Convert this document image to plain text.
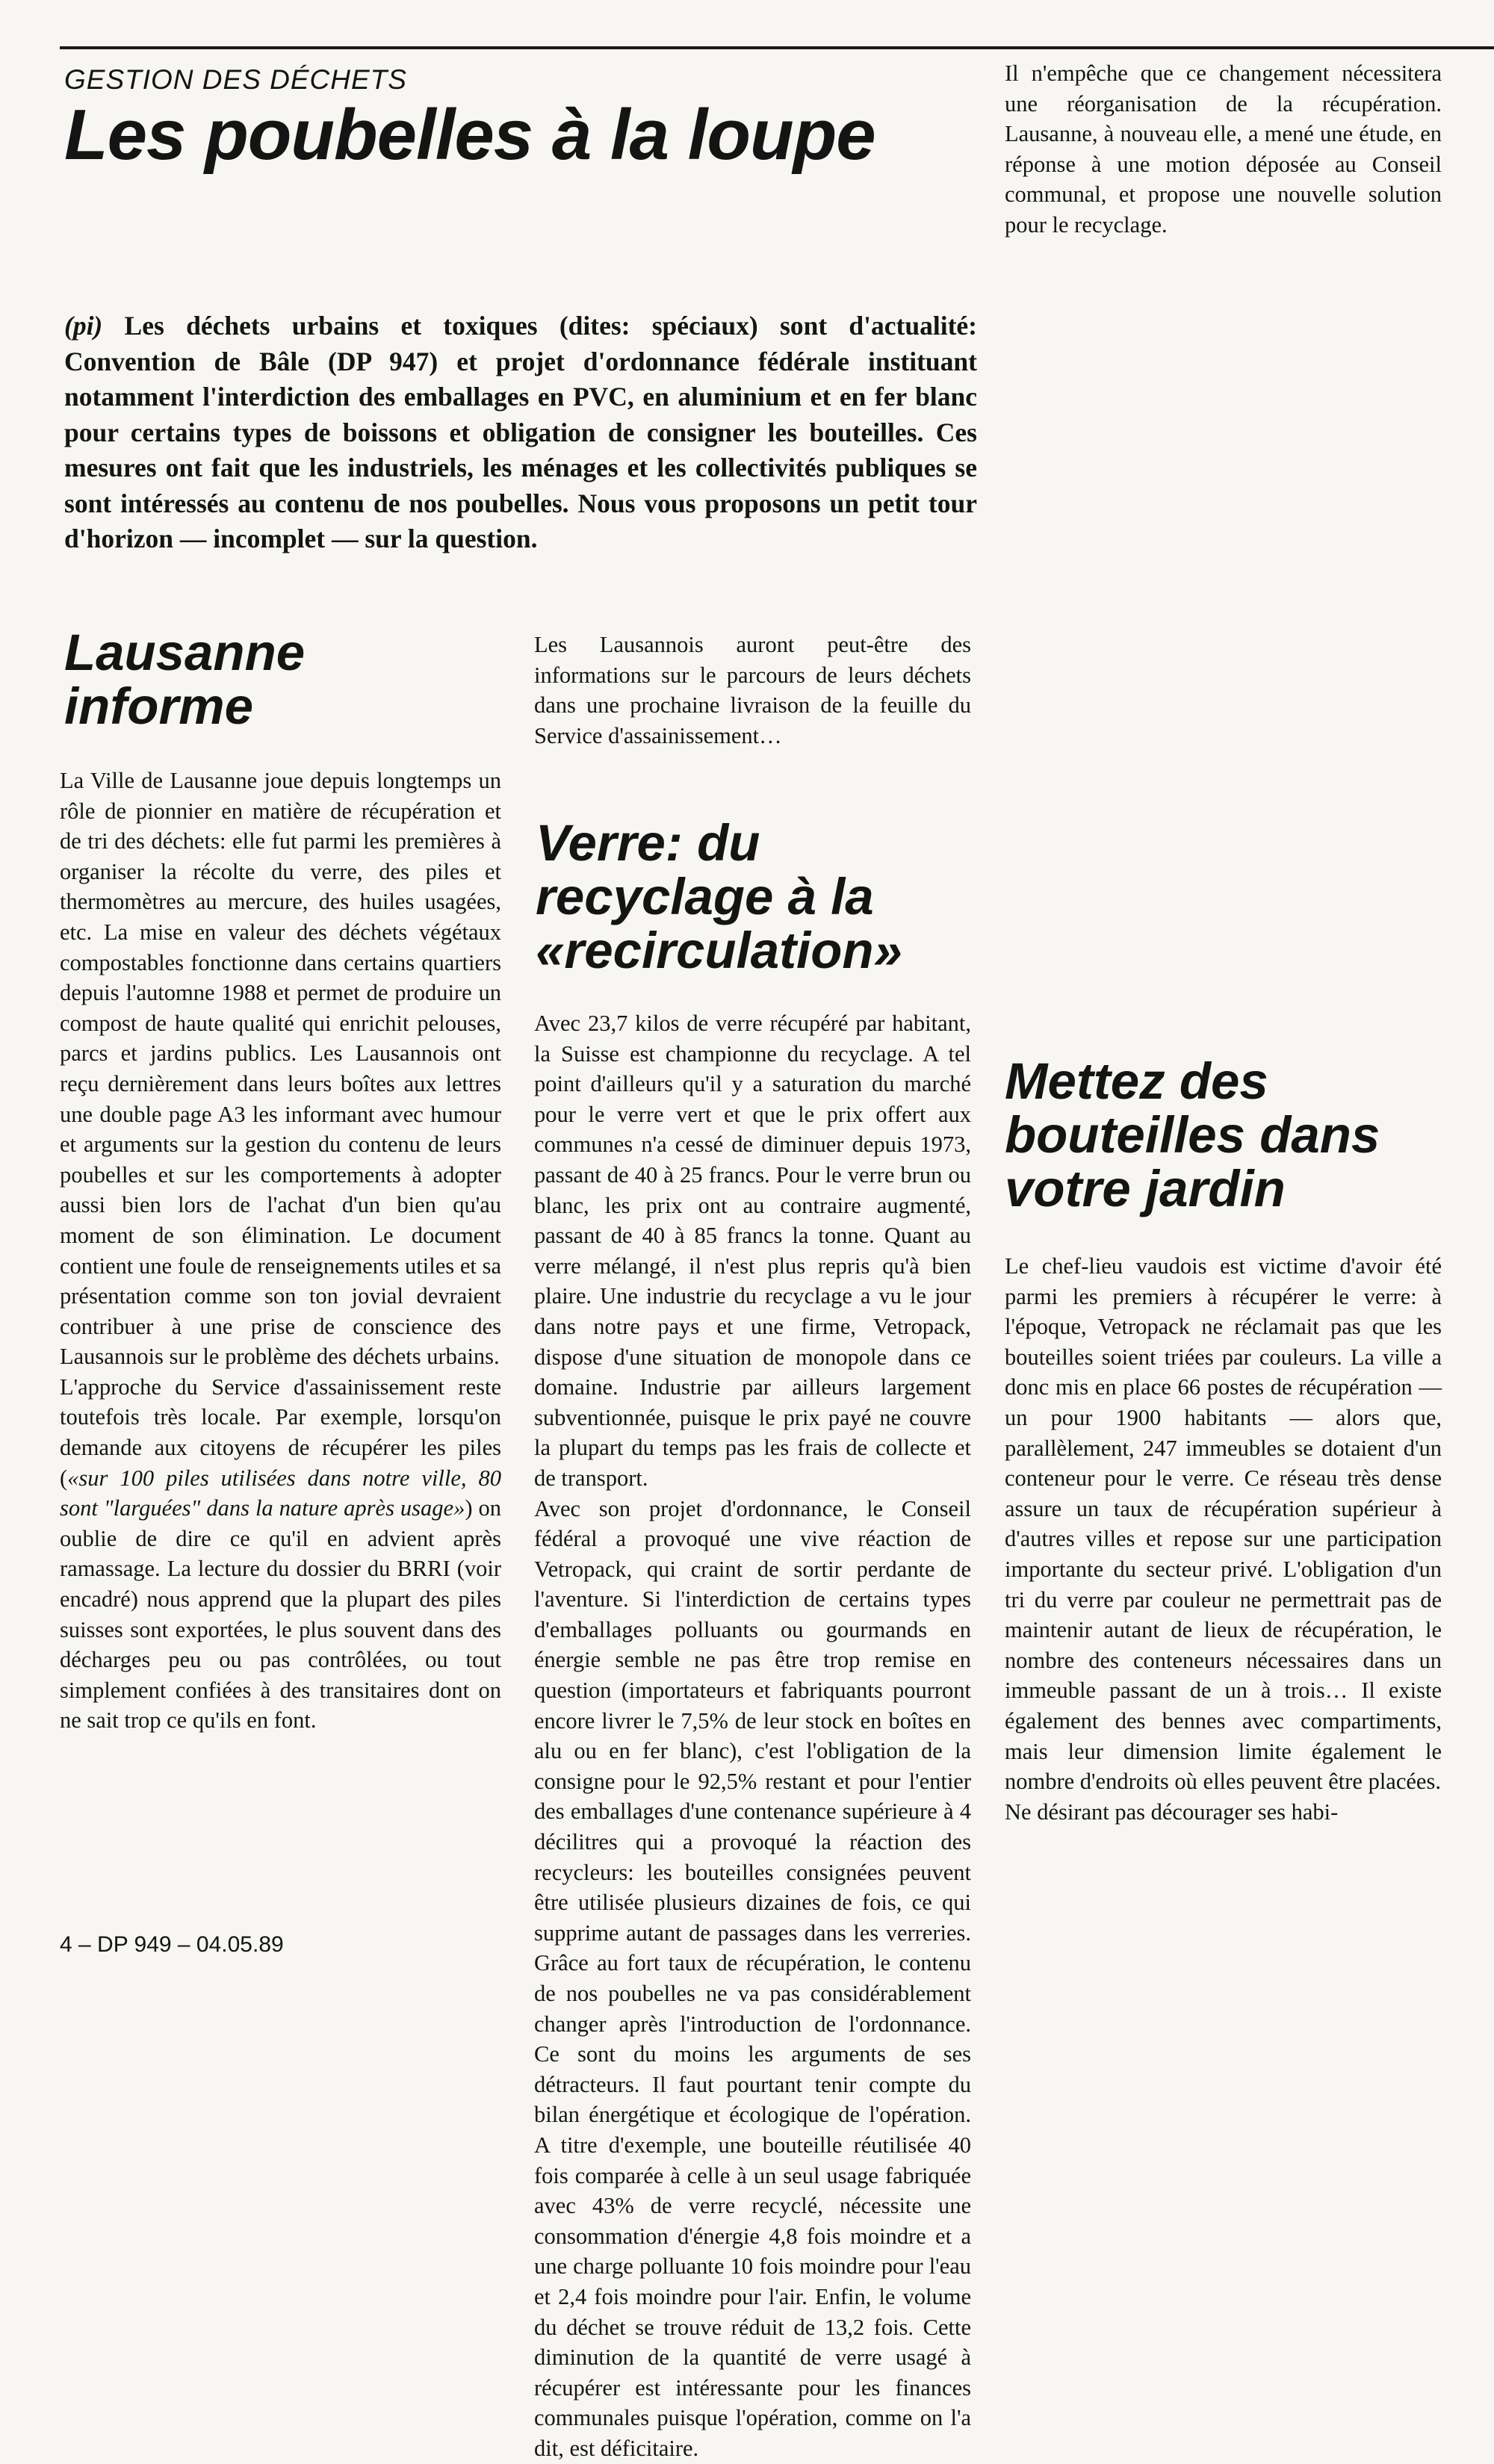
GESTION DES DÉCHETS
Les poubelles à la loupe
(pi) Les déchets urbains et toxiques (dites: spéciaux) sont d'actualité: Convention de Bâle (DP 947) et projet d'ordonnance fédérale instituant notamment l'interdiction des emballages en PVC, en aluminium et en fer blanc pour certains types de boissons et obligation de consigner les bouteilles. Ces mesures ont fait que les industriels, les ménages et les collectivités publiques se sont intéressés au contenu de nos poubelles. Nous vous proposons un petit tour d'horizon — incomplet — sur la question.
Lausanne informe

La Ville de Lausanne joue depuis longtemps un rôle de pionnier en matière de récupération et de tri des déchets: elle fut parmi les premières à organiser la récolte du verre, des piles et thermomètres au mercure, des huiles usagées, etc. La mise en valeur des déchets végétaux compostables fonctionne dans certains quartiers depuis l'automne 1988 et permet de produire un compost de haute qualité qui enrichit pelouses, parcs et jardins publics. Les Lausannois ont reçu dernièrement dans leurs boîtes aux lettres une double page A3 les informant avec humour et arguments sur la gestion du contenu de leurs poubelles et sur les comportements à adopter aussi bien lors de l'achat d'un bien qu'au moment de son élimination. Le document contient une foule de renseignements utiles et sa présentation comme son ton jovial devraient contribuer à une prise de conscience des Lausannois sur le problème des déchets urbains.

L'approche du Service d'assainissement reste toutefois très locale. Par exemple, lorsqu'on demande aux citoyens de récupérer les piles («sur 100 piles utilisées dans notre ville, 80 sont "larguées" dans la nature après usage») on oublie de dire ce qu'il en advient après ramassage. La lecture du dossier du BRRI (voir encadré) nous apprend que la plupart des piles suisses sont exportées, le plus souvent dans des décharges peu ou pas contrôlées, ou tout simplement confiées à des transitaires dont on ne sait trop ce qu'ils en font.

Les Lausannois auront peut-être des informations sur le parcours de leurs déchets dans une prochaine livraison de la feuille du Service d'assainissement…

Verre: du
recyclage à la
«recirculation»

Avec 23,7 kilos de verre récupéré par habitant, la Suisse est championne du recyclage. A tel point d'ailleurs qu'il y a saturation du marché pour le verre vert et que le prix offert aux communes n'a cessé de diminuer depuis 1973, passant de 40 à 25 francs. Pour le verre brun ou blanc, les prix ont au contraire augmenté, passant de 40 à 85 francs la tonne. Quant au verre mélangé, il n'est plus repris qu'à bien plaire. Une industrie du recyclage a vu le jour dans notre pays et une firme, Vetropack, dispose d'une situation de monopole dans ce domaine. Industrie par ailleurs largement subventionnée, puisque le prix payé ne couvre la plupart du temps pas les frais de collecte et de transport.

Avec son projet d'ordonnance, le Conseil fédéral a provoqué une vive réaction de Vetropack, qui craint de sortir perdante de l'aventure. Si l'interdiction de certains types d'emballages polluants ou gourmands en énergie semble ne pas être trop remise en question (importateurs et fabriquants pourront encore livrer le 7,5% de leur stock en boîtes en alu ou en fer blanc), c'est l'obligation de la consigne pour le 92,5% restant et pour l'entier des emballages d'une contenance supérieure à 4 décilitres qui a provoqué la réaction des recycleurs: les bouteilles consignées peuvent être utilisée plusieurs dizaines de fois, ce qui supprime autant de passages dans les verreries. Grâce au fort taux de récupération, le contenu de nos poubelles ne va pas considérablement changer après l'introduction de l'ordonnance. Ce sont du moins les arguments de ses détracteurs. Il faut pourtant tenir compte du bilan énergétique et écologique de l'opération. A titre d'exemple, une bouteille réutilisée 40 fois comparée à celle à un seul usage fabriquée avec 43% de verre recyclé, nécessite une consommation d'énergie 4,8 fois moindre et a une charge polluante 10 fois moindre pour l'eau et 2,4 fois moindre pour l'air. Enfin, le volume du déchet se trouve réduit de 13,2 fois. Cette diminution de la quantité de verre usagé à récupérer est intéressante pour les finances communales puisque l'opération, comme on l'a dit, est déficitaire.

Il n'empêche que ce changement nécessitera une réorganisation de la récupération. Lausanne, à nouveau elle, a mené une étude, en réponse à une motion déposée au Conseil communal, et propose une nouvelle solution pour le recyclage.

Mettez des
bouteilles dans
votre jardin

Le chef-lieu vaudois est victime d'avoir été parmi les premiers à récupérer le verre: à l'époque, Vetropack ne réclamait pas que les bouteilles soient triées par couleurs. La ville a donc mis en place 66 postes de récupération — un pour 1900 habitants — alors que, parallèlement, 247 immeubles se dotaient d'un conteneur pour le verre. Ce réseau très dense assure un taux de récupération supérieur à d'autres villes et repose sur une participation importante du secteur privé. L'obligation d'un tri du verre par couleur ne permettrait pas de maintenir autant de lieux de récupération, le nombre des conteneurs nécessaires dans un immeuble passant de un à trois… Il existe également des bennes avec compartiments, mais leur dimension limite également le nombre d'endroits où elles peuvent être placées.

Ne désirant pas décourager ses habi-

4 – DP 949 – 04.05.89
